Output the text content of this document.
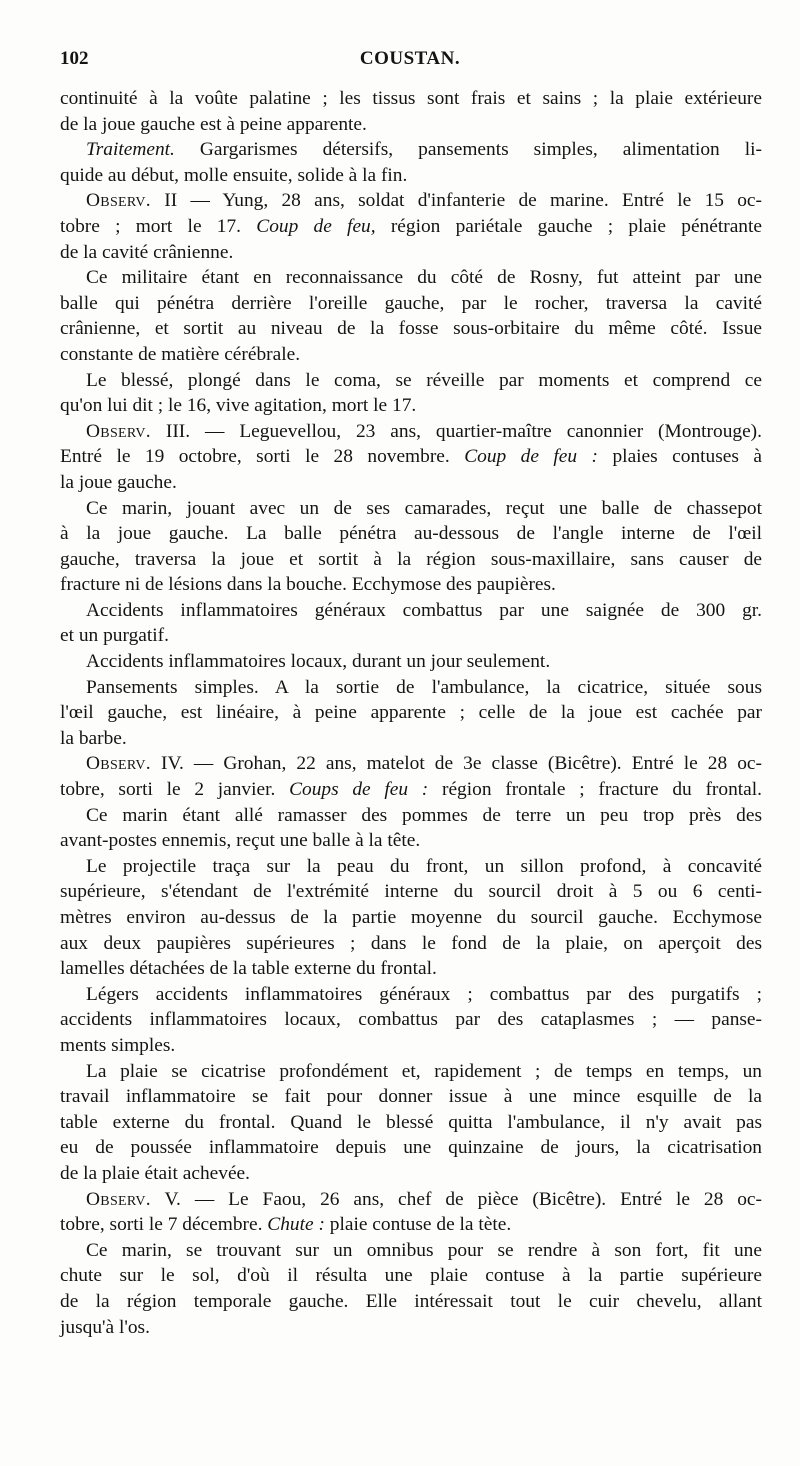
102	COUSTAN.
continuité à la voûte palatine ; les tissus sont frais et sains ; la plaie extérieure
de la joue gauche est à peine apparente.
Traitement. Gargarismes détersifs, pansements simples, alimentation li-
quide au début, molle ensuite, solide à la fin.
Observ. II — Yung, 28 ans, soldat d'infanterie de marine. Entré le 15 oc-
tobre ; mort le 17. Coup de feu, région pariétale gauche ; plaie pénétrante
de la cavité crânienne.
Ce militaire étant en reconnaissance du côté de Rosny, fut atteint par une
balle qui pénétra derrière l'oreille gauche, par le rocher, traversa la cavité
crânienne, et sortit au niveau de la fosse sous-orbitaire du même côté. Issue
constante de matière cérébrale.
Le blessé, plongé dans le coma, se réveille par moments et comprend ce
qu'on lui dit ; le 16, vive agitation, mort le 17.
Observ. III. — Leguevellou, 23 ans, quartier-maître canonnier (Montrouge).
Entré le 19 octobre, sorti le 28 novembre. Coup de feu : plaies contuses à
la joue gauche.
Ce marin, jouant avec un de ses camarades, reçut une balle de chassepot
à la joue gauche. La balle pénétra au-dessous de l'angle interne de l'œil
gauche, traversa la joue et sortit à la région sous-maxillaire, sans causer de
fracture ni de lésions dans la bouche. Ecchymose des paupières.
Accidents inflammatoires généraux combattus par une saignée de 300 gr.
et un purgatif.
Accidents inflammatoires locaux, durant un jour seulement.
Pansements simples. A la sortie de l'ambulance, la cicatrice, située sous
l'œil gauche, est linéaire, à peine apparente ; celle de la joue est cachée par
la barbe.
Observ. IV. — Grohan, 22 ans, matelot de 3e classe (Bicêtre). Entré le 28 oc-
tobre, sorti le 2 janvier. Coups de feu : région frontale ; fracture du frontal.
Ce marin étant allé ramasser des pommes de terre un peu trop près des
avant-postes ennemis, reçut une balle à la tête.
Le projectile traça sur la peau du front, un sillon profond, à concavité
supérieure, s'étendant de l'extrémité interne du sourcil droit à 5 ou 6 centi-
mètres environ au-dessus de la partie moyenne du sourcil gauche. Ecchymose
aux deux paupières supérieures ; dans le fond de la plaie, on aperçoit des
lamelles détachées de la table externe du frontal.
Légers accidents inflammatoires généraux ; combattus par des purgatifs ;
accidents inflammatoires locaux, combattus par des cataplasmes ; — panse-
ments simples.
La plaie se cicatrise profondément et, rapidement ; de temps en temps, un
travail inflammatoire se fait pour donner issue à une mince esquille de la
table externe du frontal. Quand le blessé quitta l'ambulance, il n'y avait pas
eu de poussée inflammatoire depuis une quinzaine de jours, la cicatrisation
de la plaie était achevée.
Observ. V. — Le Faou, 26 ans, chef de pièce (Bicêtre). Entré le 28 oc-
tobre, sorti le 7 décembre. Chute : plaie contuse de la tète.
Ce marin, se trouvant sur un omnibus pour se rendre à son fort, fit une
chute sur le sol, d'où il résulta une plaie contuse à la partie supérieure
de la région temporale gauche. Elle intéressait tout le cuir chevelu, allant
jusqu'à l'os.
